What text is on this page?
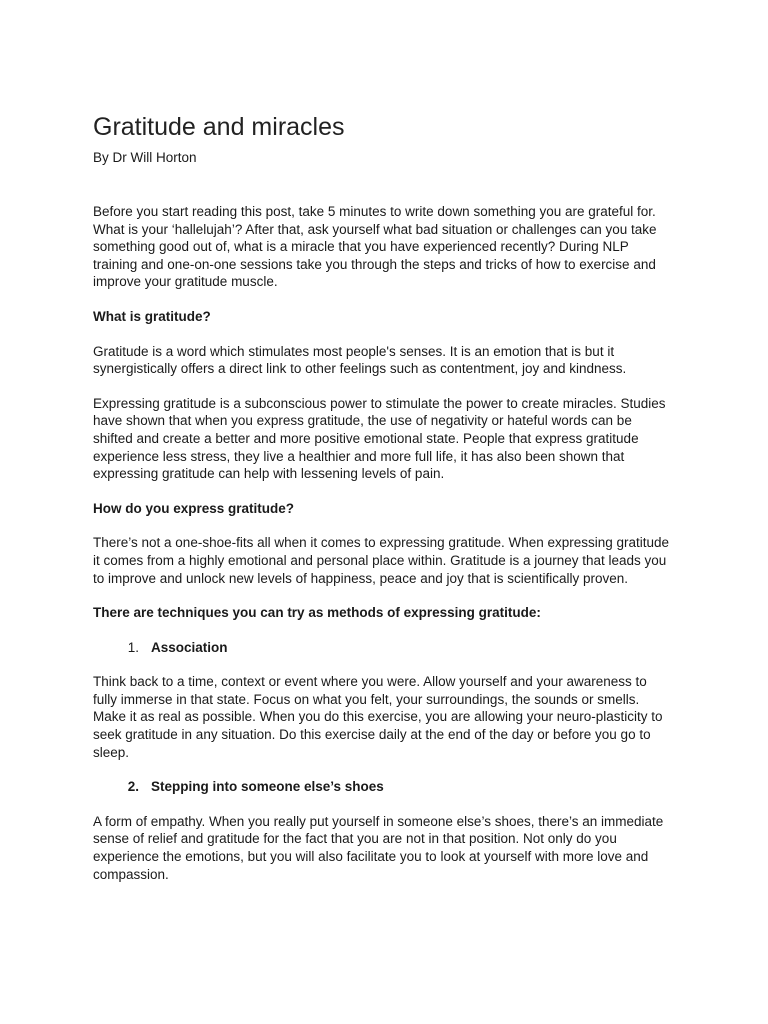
Gratitude and miracles
By Dr Will Horton

Before you start reading this post, take 5 minutes to write down something you are grateful for. What is your ‘hallelujah’? After that, ask yourself what bad situation or challenges can you take something good out of, what is a miracle that you have experienced recently? During NLP training and one-on-one sessions take you through the steps and tricks of how to exercise and improve your gratitude muscle.

What is gratitude?

Gratitude is a word which stimulates most people's senses. It is an emotion that is but it synergistically offers a direct link to other feelings such as contentment, joy and kindness.

Expressing gratitude is a subconscious power to stimulate the power to create miracles. Studies have shown that when you express gratitude, the use of negativity or hateful words can be shifted and create a better and more positive emotional state. People that express gratitude experience less stress, they live a healthier and more full life, it has also been shown that expressing gratitude can help with lessening levels of pain.

How do you express gratitude?

There’s not a one-shoe-fits all when it comes to expressing gratitude. When expressing gratitude it comes from a highly emotional and personal place within. Gratitude is a journey that leads you to improve and unlock new levels of happiness, peace and joy that is scientifically proven.

There are techniques you can try as methods of expressing gratitude:
1. Association

Think back to a time, context or event where you were. Allow yourself and your awareness to fully immerse in that state. Focus on what you felt, your surroundings, the sounds or smells. Make it as real as possible. When you do this exercise, you are allowing your neuro-plasticity to seek gratitude in any situation. Do this exercise daily at the end of the day or before you go to sleep.

2. Stepping into someone else’s shoes

A form of empathy. When you really put yourself in someone else’s shoes, there’s an immediate sense of relief and gratitude for the fact that you are not in that position. Not only do you experience the emotions, but you will also facilitate you to look at yourself with more love and compassion.
